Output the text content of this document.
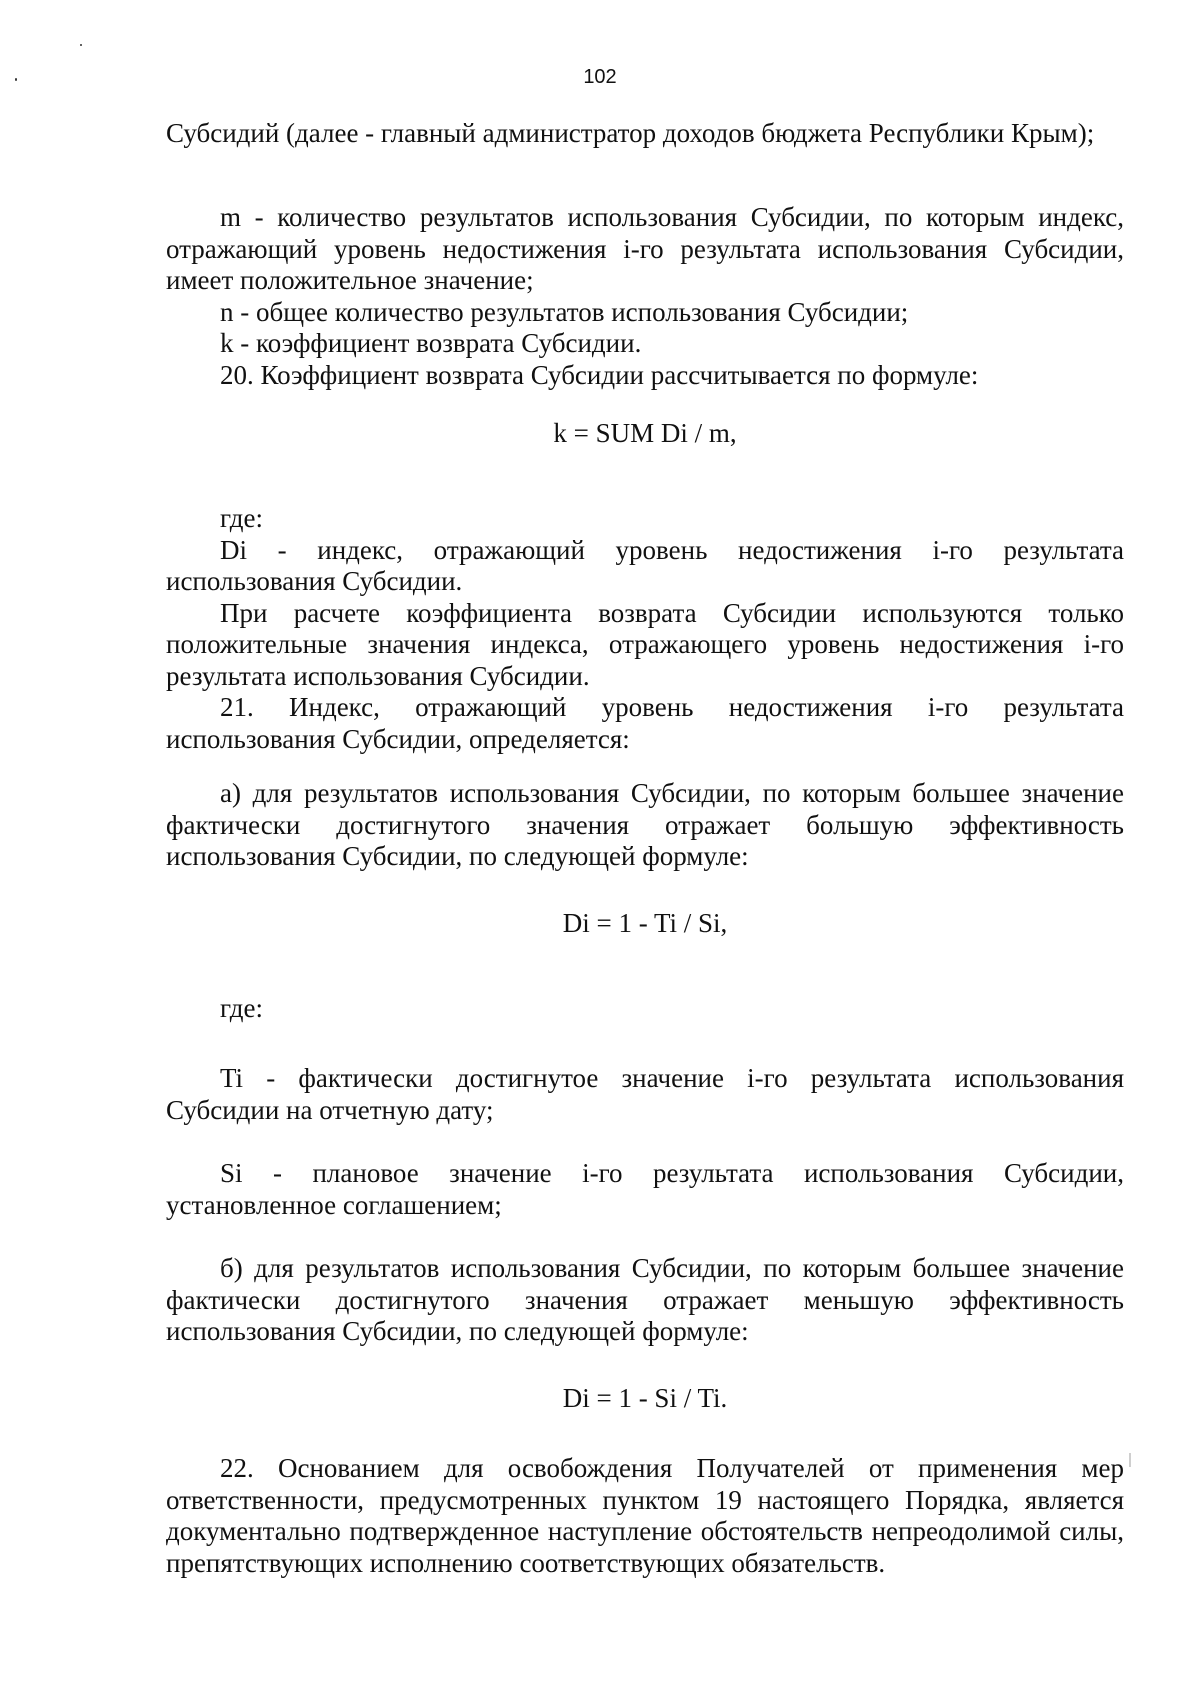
102

Субсидий (далее - главный администратор доходов бюджета Республики Крым);

m - количество результатов использования Субсидии, по которым индекс, отражающий уровень недостижения i-го результата использования Субсидии, имеет положительное значение;

n - общее количество результатов использования Субсидии;

k - коэффициент возврата Субсидии.

20. Коэффициент возврата Субсидии рассчитывается по формуле:

k = SUM Di / m,

где:

Di - индекс, отражающий уровень недостижения i-го результата использования Субсидии.

При расчете коэффициента возврата Субсидии используются только положительные значения индекса, отражающего уровень недостижения i-го результата использования Субсидии.

21. Индекс, отражающий уровень недостижения i-го результата использования Субсидии, определяется:

а) для результатов использования Субсидии, по которым большее значение фактически достигнутого значения отражает большую эффективность использования Субсидии, по следующей формуле:

Di = 1 - Ti / Si,

где:

Ti - фактически достигнутое значение i-го результата использования Субсидии на отчетную дату;

Si - плановое значение i-го результата использования Субсидии, установленное соглашением;

б) для результатов использования Субсидии, по которым большее значение фактически достигнутого значения отражает меньшую эффективность использования Субсидии, по следующей формуле:

Di = 1 - Si / Ti.

22. Основанием для освобождения Получателей от применения мер ответственности, предусмотренных пунктом 19 настоящего Порядка, является документально подтвержденное наступление обстоятельств непреодолимой силы, препятствующих исполнению соответствующих обязательств.
